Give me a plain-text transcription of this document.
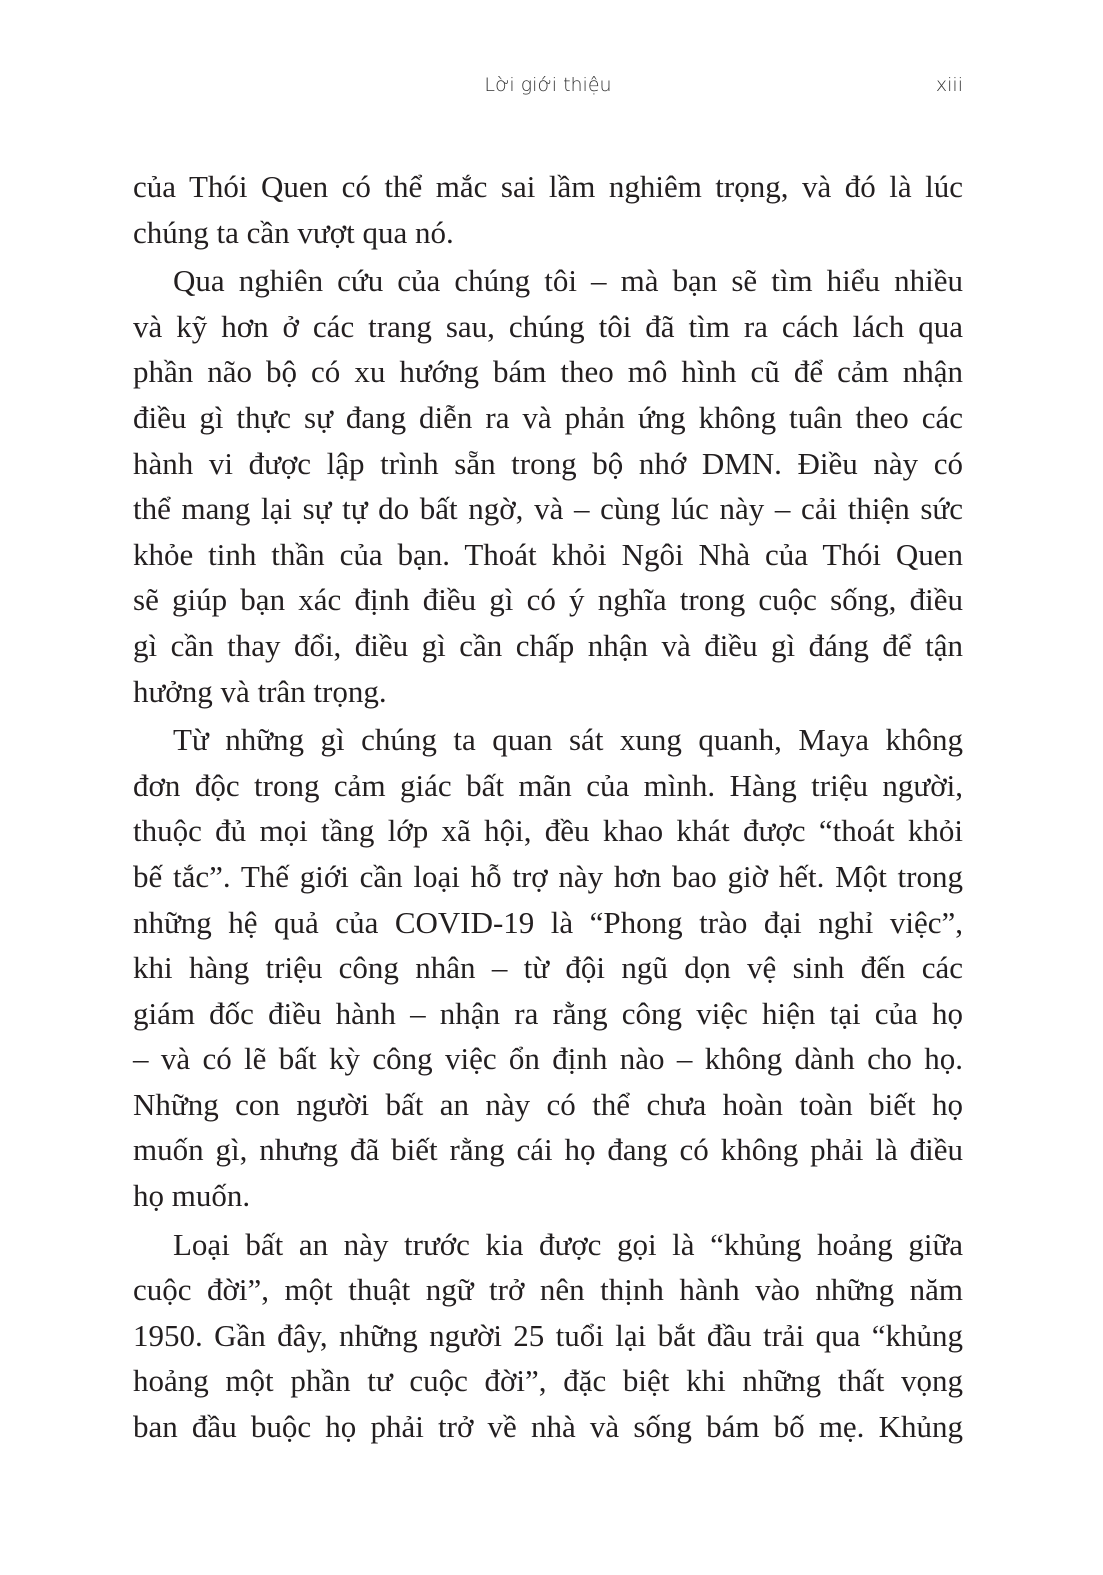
Lời giới thiệu	xiii
của Thói Quen có thể mắc sai lầm nghiêm trọng, và đó là lúc
chúng ta cần vượt qua nó.
Qua nghiên cứu của chúng tôi – mà bạn sẽ tìm hiểu nhiều
và kỹ hơn ở các trang sau, chúng tôi đã tìm ra cách lách qua
phần não bộ có xu hướng bám theo mô hình cũ để cảm nhận
điều gì thực sự đang diễn ra và phản ứng không tuân theo các
hành vi được lập trình sẵn trong bộ nhớ DMN. Điều này có
thể mang lại sự tự do bất ngờ, và – cùng lúc này – cải thiện sức
khỏe tinh thần của bạn. Thoát khỏi Ngôi Nhà của Thói Quen
sẽ giúp bạn xác định điều gì có ý nghĩa trong cuộc sống, điều
gì cần thay đổi, điều gì cần chấp nhận và điều gì đáng để tận
hưởng và trân trọng.
Từ những gì chúng ta quan sát xung quanh, Maya không
đơn độc trong cảm giác bất mãn của mình. Hàng triệu người,
thuộc đủ mọi tầng lớp xã hội, đều khao khát được “thoát khỏi
bế tắc”. Thế giới cần loại hỗ trợ này hơn bao giờ hết. Một trong
những hệ quả của COVID-19 là “Phong trào đại nghỉ việc”,
khi hàng triệu công nhân – từ đội ngũ dọn vệ sinh đến các
giám đốc điều hành – nhận ra rằng công việc hiện tại của họ
– và có lẽ bất kỳ công việc ổn định nào – không dành cho họ.
Những con người bất an này có thể chưa hoàn toàn biết họ
muốn gì, nhưng đã biết rằng cái họ đang có không phải là điều
họ muốn.
Loại bất an này trước kia được gọi là “khủng hoảng giữa
cuộc đời”, một thuật ngữ trở nên thịnh hành vào những năm
1950. Gần đây, những người 25 tuổi lại bắt đầu trải qua “khủng
hoảng một phần tư cuộc đời”, đặc biệt khi những thất vọng
ban đầu buộc họ phải trở về nhà và sống bám bố mẹ. Khủng
